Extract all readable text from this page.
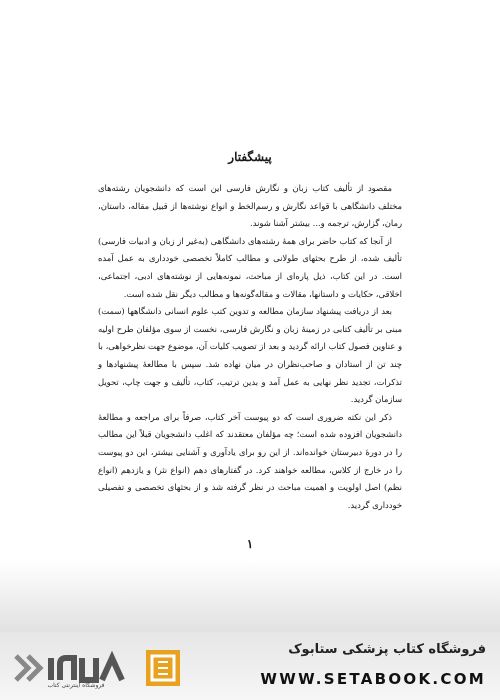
پیشگفتار

مقصود از تألیف کتاب زبان و نگارش فارسی این است که دانشجویان رشته‌های مختلف دانشگاهی با قواعد نگارش و رسم‌الخط و انواع نوشته‌ها از قبیل مقاله، داستان، رمان، گزارش، ترجمه و... بیشتر آشنا شوند.

از آنجا که کتاب حاضر برای همهٔ رشته‌های دانشگاهی (به‌غیر از زبان و ادبیات فارسی) تألیف شده، از طرح بحثهای طولانی و مطالب کاملاً تخصصی خودداری به عمل آمده است. در این کتاب، ذیل پاره‌ای از مباحث، نمونه‌هایی از نوشته‌های ادبی، اجتماعی، اخلاقی، حکایات و داستانها، مقالات و مقاله‌گونه‌ها و مطالب دیگر نقل شده است.

بعد از دریافت پیشنهاد سازمان مطالعه و تدوین کتب علوم انسانی دانشگاهها (سمت) مبنی بر تألیف کتابی در زمینهٔ زبان و نگارش فارسی، نخست از سوی مؤلفان طرح اولیه و عناوین فصول کتاب ارائه گردید و بعد از تصویب کلیات آن، موضوع جهت نظرخواهی، با چند تن از استادان و صاحب‌نظران در میان نهاده شد. سپس با مطالعهٔ پیشنهادها و تذکرات، تجدید نظر نهایی به عمل آمد و بدین ترتیب، کتاب، تألیف و جهت چاپ، تحویل سازمان گردید.

ذکر این نکته ضروری است که دو پیوست آخر کتاب، صرفاً برای مراجعه و مطالعهٔ دانشجویان افزوده شده است؛ چه مؤلفان معتقدند که اغلب دانشجویان قبلاً این مطالب را در دورهٔ دبیرستان خوانده‌اند. از این رو برای یادآوری و آشنایی بیشتر، این دو پیوست را در خارج از کلاس، مطالعه خواهند کرد. در گفتارهای دهم (انواع نثر) و یازدهم (انواع نظم) اصل اولویت و اهمیت مباحث در نظر گرفته شد و از بحثهای تخصصی و تفصیلی خودداری گردید.

۱
فروشگاه اینترنتی کتاب
فروشگاه کتاب پزشکی ستابوک
WWW.SETABOOK.COM
